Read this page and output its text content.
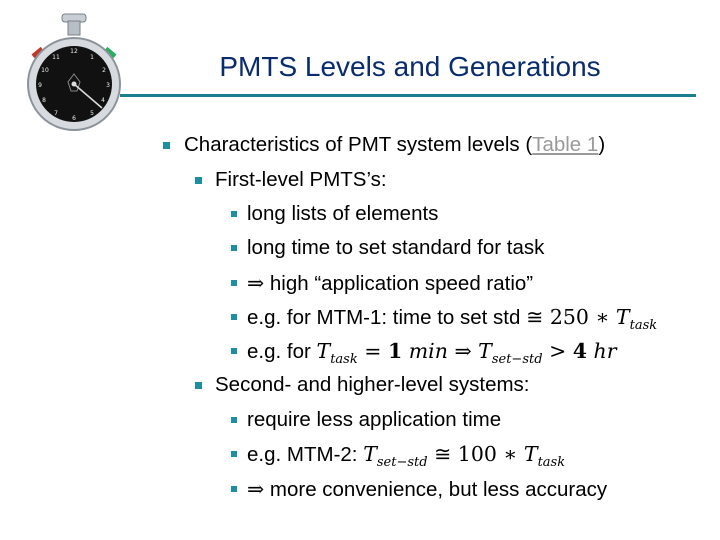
12
1
2
3
4
5
6
7
8
9
10
11	PMTS Levels and Generations
Characteristics of PMT system levels (Table 1)
First-level PMTS’s:
long lists of elements
long time to set standard for task
⇒ high “application speed ratio”
e.g. for MTM-1: time to set std ≅ 250 ∗ $T_{task}$
e.g. for $T_{task} = 1$ min ⇒ $T_{set-std} > 4$ hr
Second- and higher-level systems:
require less application time
e.g. MTM-2: $T_{set-std}$ ≅ 100 ∗ $T_{task}$
⇒ more convenience, but less accuracy
